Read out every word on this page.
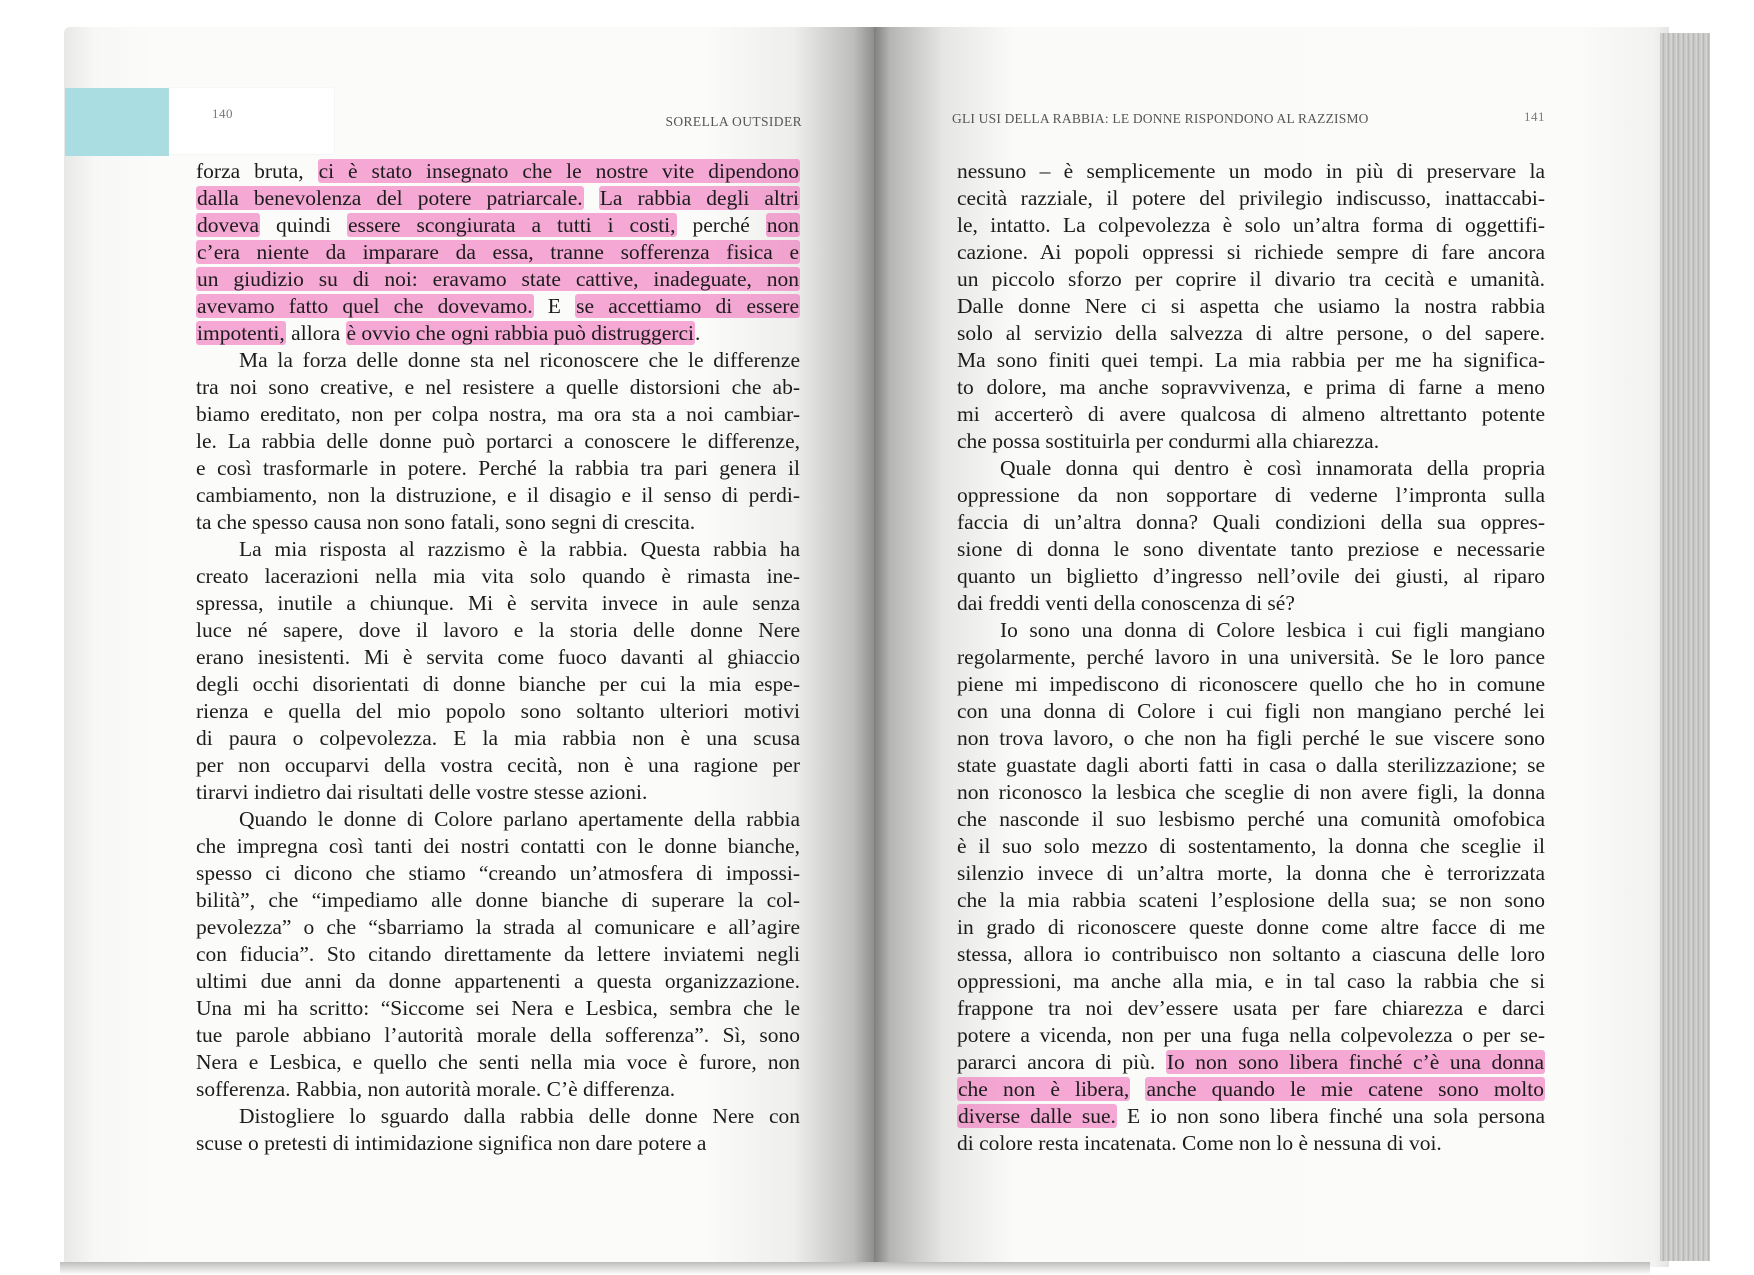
140
SORELLA OUTSIDER	GLI USI DELLA RABBIA: LE DONNE RISPONDONO AL RAZZISMO	141
forza bruta, ci è stato insegnato che le nostre vite dipendono
dalla benevolenza del potere patriarcale. La rabbia degli altri
doveva quindi essere scongiurata a tutti i costi, perché non
c’era niente da imparare da essa, tranne sofferenza fisica e
un giudizio su di noi: eravamo state cattive, inadeguate, non
avevamo fatto quel che dovevamo. E se accettiamo di essere
impotenti, allora è ovvio che ogni rabbia può distruggerci.
  Ma la forza delle donne sta nel riconoscere che le differenze
tra noi sono creative, e nel resistere a quelle distorsioni che ab-
biamo ereditato, non per colpa nostra, ma ora sta a noi cambiar-
le. La rabbia delle donne può portarci a conoscere le differenze,
e così trasformarle in potere. Perché la rabbia tra pari genera il
cambiamento, non la distruzione, e il disagio e il senso di perdi-
ta che spesso causa non sono fatali, sono segni di crescita.
  La mia risposta al razzismo è la rabbia. Questa rabbia ha
creato lacerazioni nella mia vita solo quando è rimasta ine-
spressa, inutile a chiunque. Mi è servita invece in aule senza
luce né sapere, dove il lavoro e la storia delle donne Nere
erano inesistenti. Mi è servita come fuoco davanti al ghiaccio
degli occhi disorientati di donne bianche per cui la mia espe-
rienza e quella del mio popolo sono soltanto ulteriori motivi
di paura o colpevolezza. E la mia rabbia non è una scusa
per non occuparvi della vostra cecità, non è una ragione per
tirarvi indietro dai risultati delle vostre stesse azioni.
  Quando le donne di Colore parlano apertamente della rabbia
che impregna così tanti dei nostri contatti con le donne bianche,
spesso ci dicono che stiamo “creando un’atmosfera di impossi-
bilità”, che “impediamo alle donne bianche di superare la col-
pevolezza” o che “sbarriamo la strada al comunicare e all’agire
con fiducia”. Sto citando direttamente da lettere inviatemi negli
ultimi due anni da donne appartenenti a questa organizzazione.
Una mi ha scritto: “Siccome sei Nera e Lesbica, sembra che le
tue parole abbiano l’autorità morale della sofferenza”. Sì, sono
Nera e Lesbica, e quello che senti nella mia voce è furore, non
sofferenza. Rabbia, non autorità morale. C’è differenza.
  Distogliere lo sguardo dalla rabbia delle donne Nere con
scuse o pretesti di intimidazione significa non dare potere a
nessuno – è semplicemente un modo in più di preservare la
cecità razziale, il potere del privilegio indiscusso, inattaccabi-
le, intatto. La colpevolezza è solo un’altra forma di oggettifi-
cazione. Ai popoli oppressi si richiede sempre di fare ancora
un piccolo sforzo per coprire il divario tra cecità e umanità.
Dalle donne Nere ci si aspetta che usiamo la nostra rabbia
solo al servizio della salvezza di altre persone, o del sapere.
Ma sono finiti quei tempi. La mia rabbia per me ha significa-
to dolore, ma anche sopravvivenza, e prima di farne a meno
mi accerterò di avere qualcosa di almeno altrettanto potente
che possa sostituirla per condurmi alla chiarezza.
  Quale donna qui dentro è così innamorata della propria
oppressione da non sopportare di vederne l’impronta sulla
faccia di un’altra donna? Quali condizioni della sua oppres-
sione di donna le sono diventate tanto preziose e necessarie
quanto un biglietto d’ingresso nell’ovile dei giusti, al riparo
dai freddi venti della conoscenza di sé?
  Io sono una donna di Colore lesbica i cui figli mangiano
regolarmente, perché lavoro in una università. Se le loro pance
piene mi impediscono di riconoscere quello che ho in comune
con una donna di Colore i cui figli non mangiano perché lei
non trova lavoro, o che non ha figli perché le sue viscere sono
state guastate dagli aborti fatti in casa o dalla sterilizzazione; se
non riconosco la lesbica che sceglie di non avere figli, la donna
che nasconde il suo lesbismo perché una comunità omofobica
è il suo solo mezzo di sostentamento, la donna che sceglie il
silenzio invece di un’altra morte, la donna che è terrorizzata
che la mia rabbia scateni l’esplosione della sua; se non sono
in grado di riconoscere queste donne come altre facce di me
stessa, allora io contribuisco non soltanto a ciascuna delle loro
oppressioni, ma anche alla mia, e in tal caso la rabbia che si
frappone tra noi dev’essere usata per fare chiarezza e darci
potere a vicenda, non per una fuga nella colpevolezza o per se-
pararci ancora di più. Io non sono libera finché c’è una donna
che non è libera, anche quando le mie catene sono molto
diverse dalle sue. E io non sono libera finché una sola persona
di colore resta incatenata. Come non lo è nessuna di voi.
